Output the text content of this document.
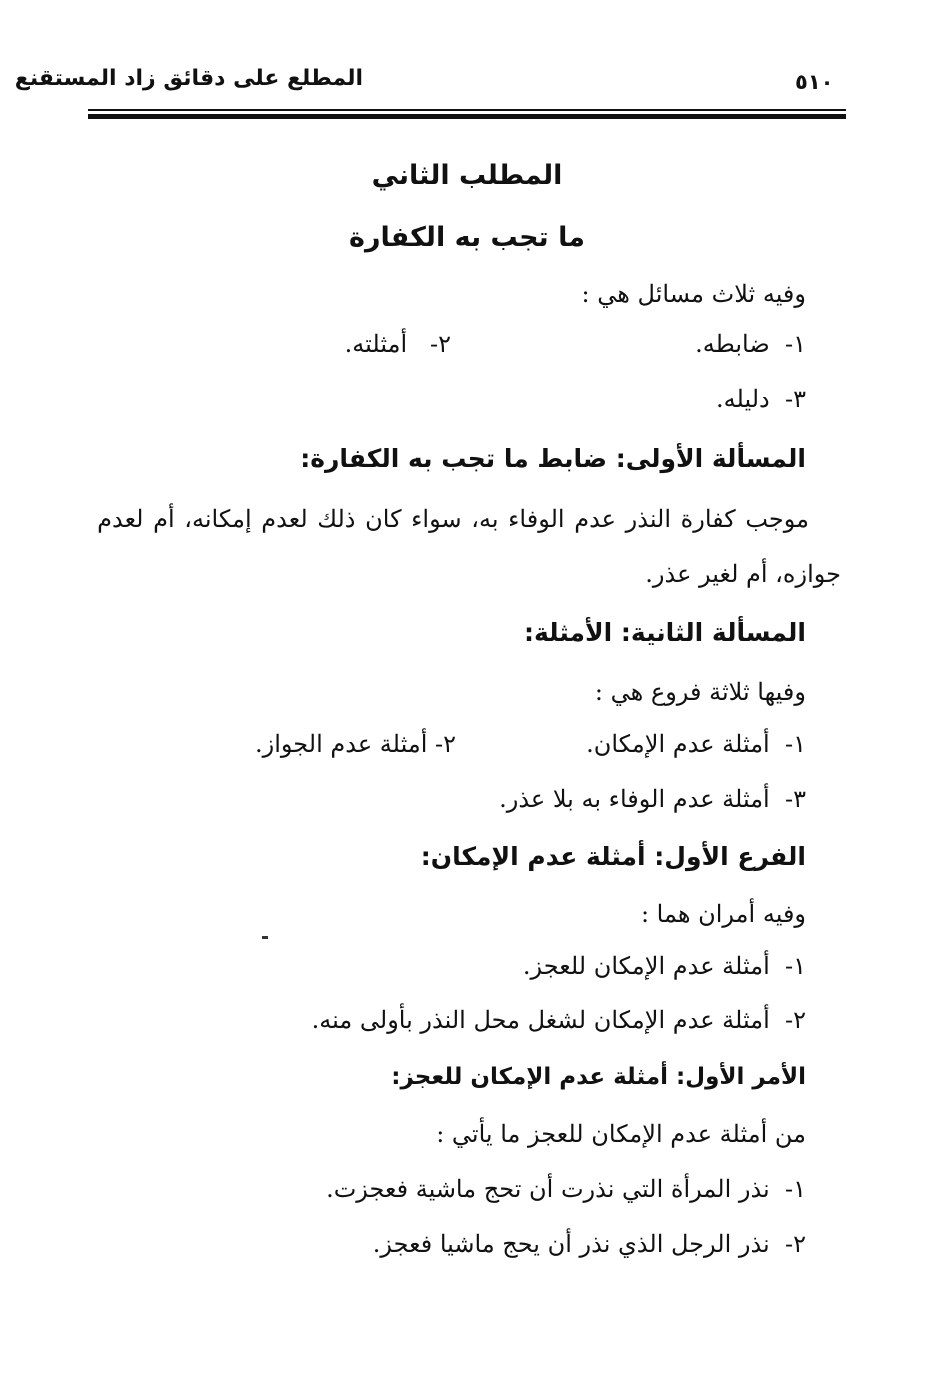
المطلع على دقائق زاد المستقنع	٥١٠
المطلب الثاني
ما تجب به الكفارة
وفيه ثلاث مسائل هي :
١-  ضابطه.
٢-   أمثلته.
٣-  دليله.
المسألة الأولى: ضابط ما تجب به الكفارة:
موجب
كفارة
النذر
عدم
الوفاء
به،
سواء
كان
ذلك
لعدم
إمكانه،
أم
لعدم
جوازه، أم لغير عذر.
المسألة الثانية: الأمثلة:
وفيها ثلاثة فروع هي :
١-  أمثلة عدم الإمكان.
٢- أمثلة عدم الجواز.
٣-  أمثلة عدم الوفاء به بلا عذر.
الفرع الأول: أمثلة عدم الإمكان:
وفيه أمران هما :
١-  أمثلة عدم الإمكان للعجز.
٢-  أمثلة عدم الإمكان لشغل محل النذر بأولى منه.
الأمر الأول: أمثلة عدم الإمكان للعجز:
من أمثلة عدم الإمكان للعجز ما يأتي :
١-  نذر المرأة التي نذرت أن تحج ماشية فعجزت.
٢-  نذر الرجل الذي نذر أن يحج ماشيا فعجز.
